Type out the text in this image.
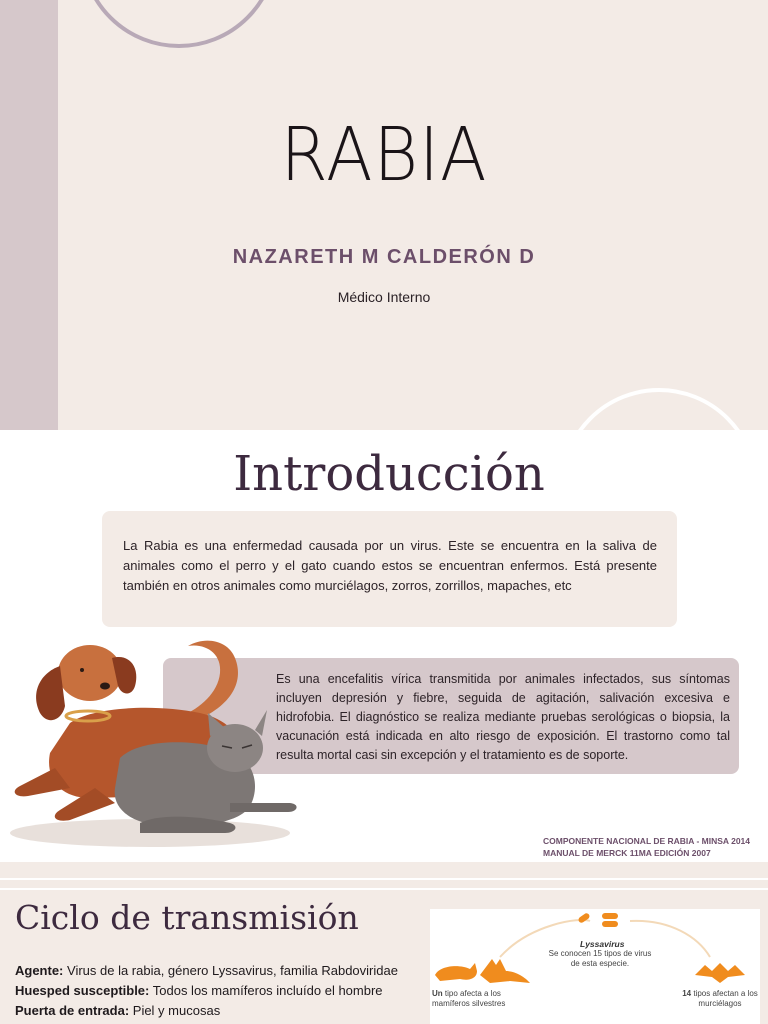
RABIA
NAZARETH M CALDERÓN D
Médico Interno
Introducción
La Rabia es una enfermedad causada por un virus. Este se encuentra en la saliva de animales como el perro y el gato cuando estos se encuentran enfermos. Está presente también en otros animales como murciélagos, zorros, zorrillos, mapaches, etc
Es una encefalitis vírica transmitida por animales infectados, sus síntomas incluyen depresión y fiebre, seguida de agitación, salivación excesiva e hidrofobia. El diagnóstico se realiza mediante pruebas serológicas o biopsia, la vacunación está indicada en alto riesgo de exposición. El trastorno como tal resulta mortal casi sin excepción y el tratamiento es de soporte.
COMPONENTE NACIONAL DE RABIA - MINSA 2014
MANUAL DE MERCK 11MA EDICIÓN 2007
Ciclo de transmisión
Agente: Virus de la rabia, género Lyssavirus, familia Rabdoviridae
Huesped susceptible: Todos los mamíferos incluído el hombre
Puerta de entrada: Piel y mucosas
Lyssavirus
Se conocen 15 tipos de virus de esta especie.
Un tipo afecta a los mamíferos silvestres
14 tipos afectan a los murciélagos
